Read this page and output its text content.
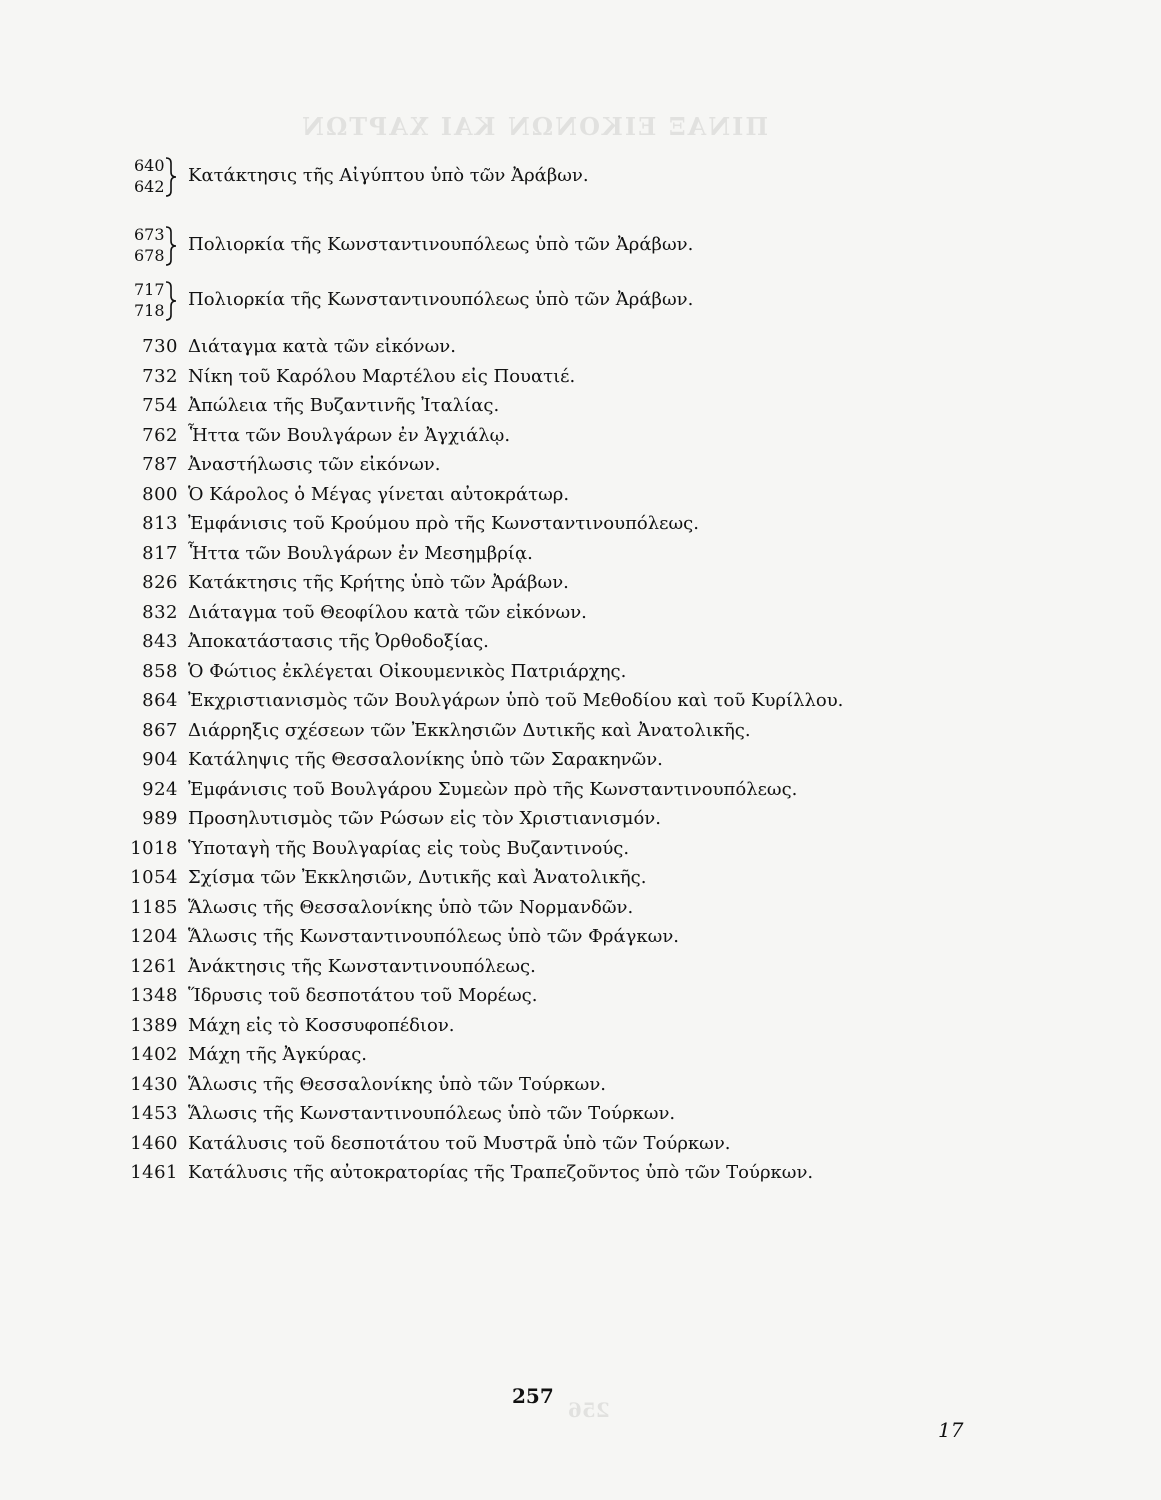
ΠΙΝΑΞ ΕΙΚΟΝΩΝ ΚΑΙ ΧΑΡΤΩΝ
256
640
642
Κατάκτησις τῆς Αἰγύπτου ὑπὸ τῶν Ἀράβων.
673
678
Πολιορκία τῆς Κωνσταντινουπόλεως ὑπὸ τῶν Ἀράβων.
717
718
Πολιορκία τῆς Κωνσταντινουπόλεως ὑπὸ τῶν Ἀράβων.
730 Διάταγμα κατὰ τῶν εἰκόνων.
732 Νίκη τοῦ Καρόλου Μαρτέλου εἰς Πουατιέ.
754 Ἀπώλεια τῆς Βυζαντινῆς Ἰταλίας.
762 Ἧττα τῶν Βουλγάρων ἐν Ἀγχιάλῳ.
787 Ἀναστήλωσις τῶν εἰκόνων.
800 Ὁ Κάρολος ὁ Μέγας γίνεται αὐτοκράτωρ.
813 Ἐμφάνισις τοῦ Κρούμου πρὸ τῆς Κωνσταντινουπόλεως.
817 Ἧττα τῶν Βουλγάρων ἐν Μεσημβρίᾳ.
826 Κατάκτησις τῆς Κρήτης ὑπὸ τῶν Ἀράβων.
832 Διάταγμα τοῦ Θεοφίλου κατὰ τῶν εἰκόνων.
843 Ἀποκατάστασις τῆς Ὀρθοδοξίας.
858 Ὁ Φώτιος ἐκλέγεται Οἰκουμενικὸς Πατριάρχης.
864 Ἐκχριστιανισμὸς τῶν Βουλγάρων ὑπὸ τοῦ Μεθοδίου καὶ τοῦ Κυρίλλου.
867 Διάρρηξις σχέσεων τῶν Ἐκκλησιῶν Δυτικῆς καὶ Ἀνατολικῆς.
904 Κατάληψις τῆς Θεσσαλονίκης ὑπὸ τῶν Σαρακηνῶν.
924 Ἐμφάνισις τοῦ Βουλγάρου Συμεὼν πρὸ τῆς Κωνσταντινουπόλεως.
989 Προσηλυτισμὸς τῶν Ρώσων εἰς τὸν Χριστιανισμόν.
1018 Ὑποταγὴ τῆς Βουλγαρίας εἰς τοὺς Βυζαντινούς.
1054 Σχίσμα τῶν Ἐκκλησιῶν, Δυτικῆς καὶ Ἀνατολικῆς.
1185 Ἅλωσις τῆς Θεσσαλονίκης ὑπὸ τῶν Νορμανδῶν.
1204 Ἅλωσις τῆς Κωνσταντινουπόλεως ὑπὸ τῶν Φράγκων.
1261 Ἀνάκτησις τῆς Κωνσταντινουπόλεως.
1348 Ἵδρυσις τοῦ δεσποτάτου τοῦ Μορέως.
1389 Μάχη εἰς τὸ Κοσσυφοπέδιον.
1402 Μάχη τῆς Ἀγκύρας.
1430 Ἅλωσις τῆς Θεσσαλονίκης ὑπὸ τῶν Τούρκων.
1453 Ἅλωσις τῆς Κωνσταντινουπόλεως ὑπὸ τῶν Τούρκων.
1460 Κατάλυσις τοῦ δεσποτάτου τοῦ Μυστρᾶ ὑπὸ τῶν Τούρκων.
1461 Κατάλυσις τῆς αὐτοκρατορίας τῆς Τραπεζοῦντος ὑπὸ τῶν Τούρκων.
257
17
